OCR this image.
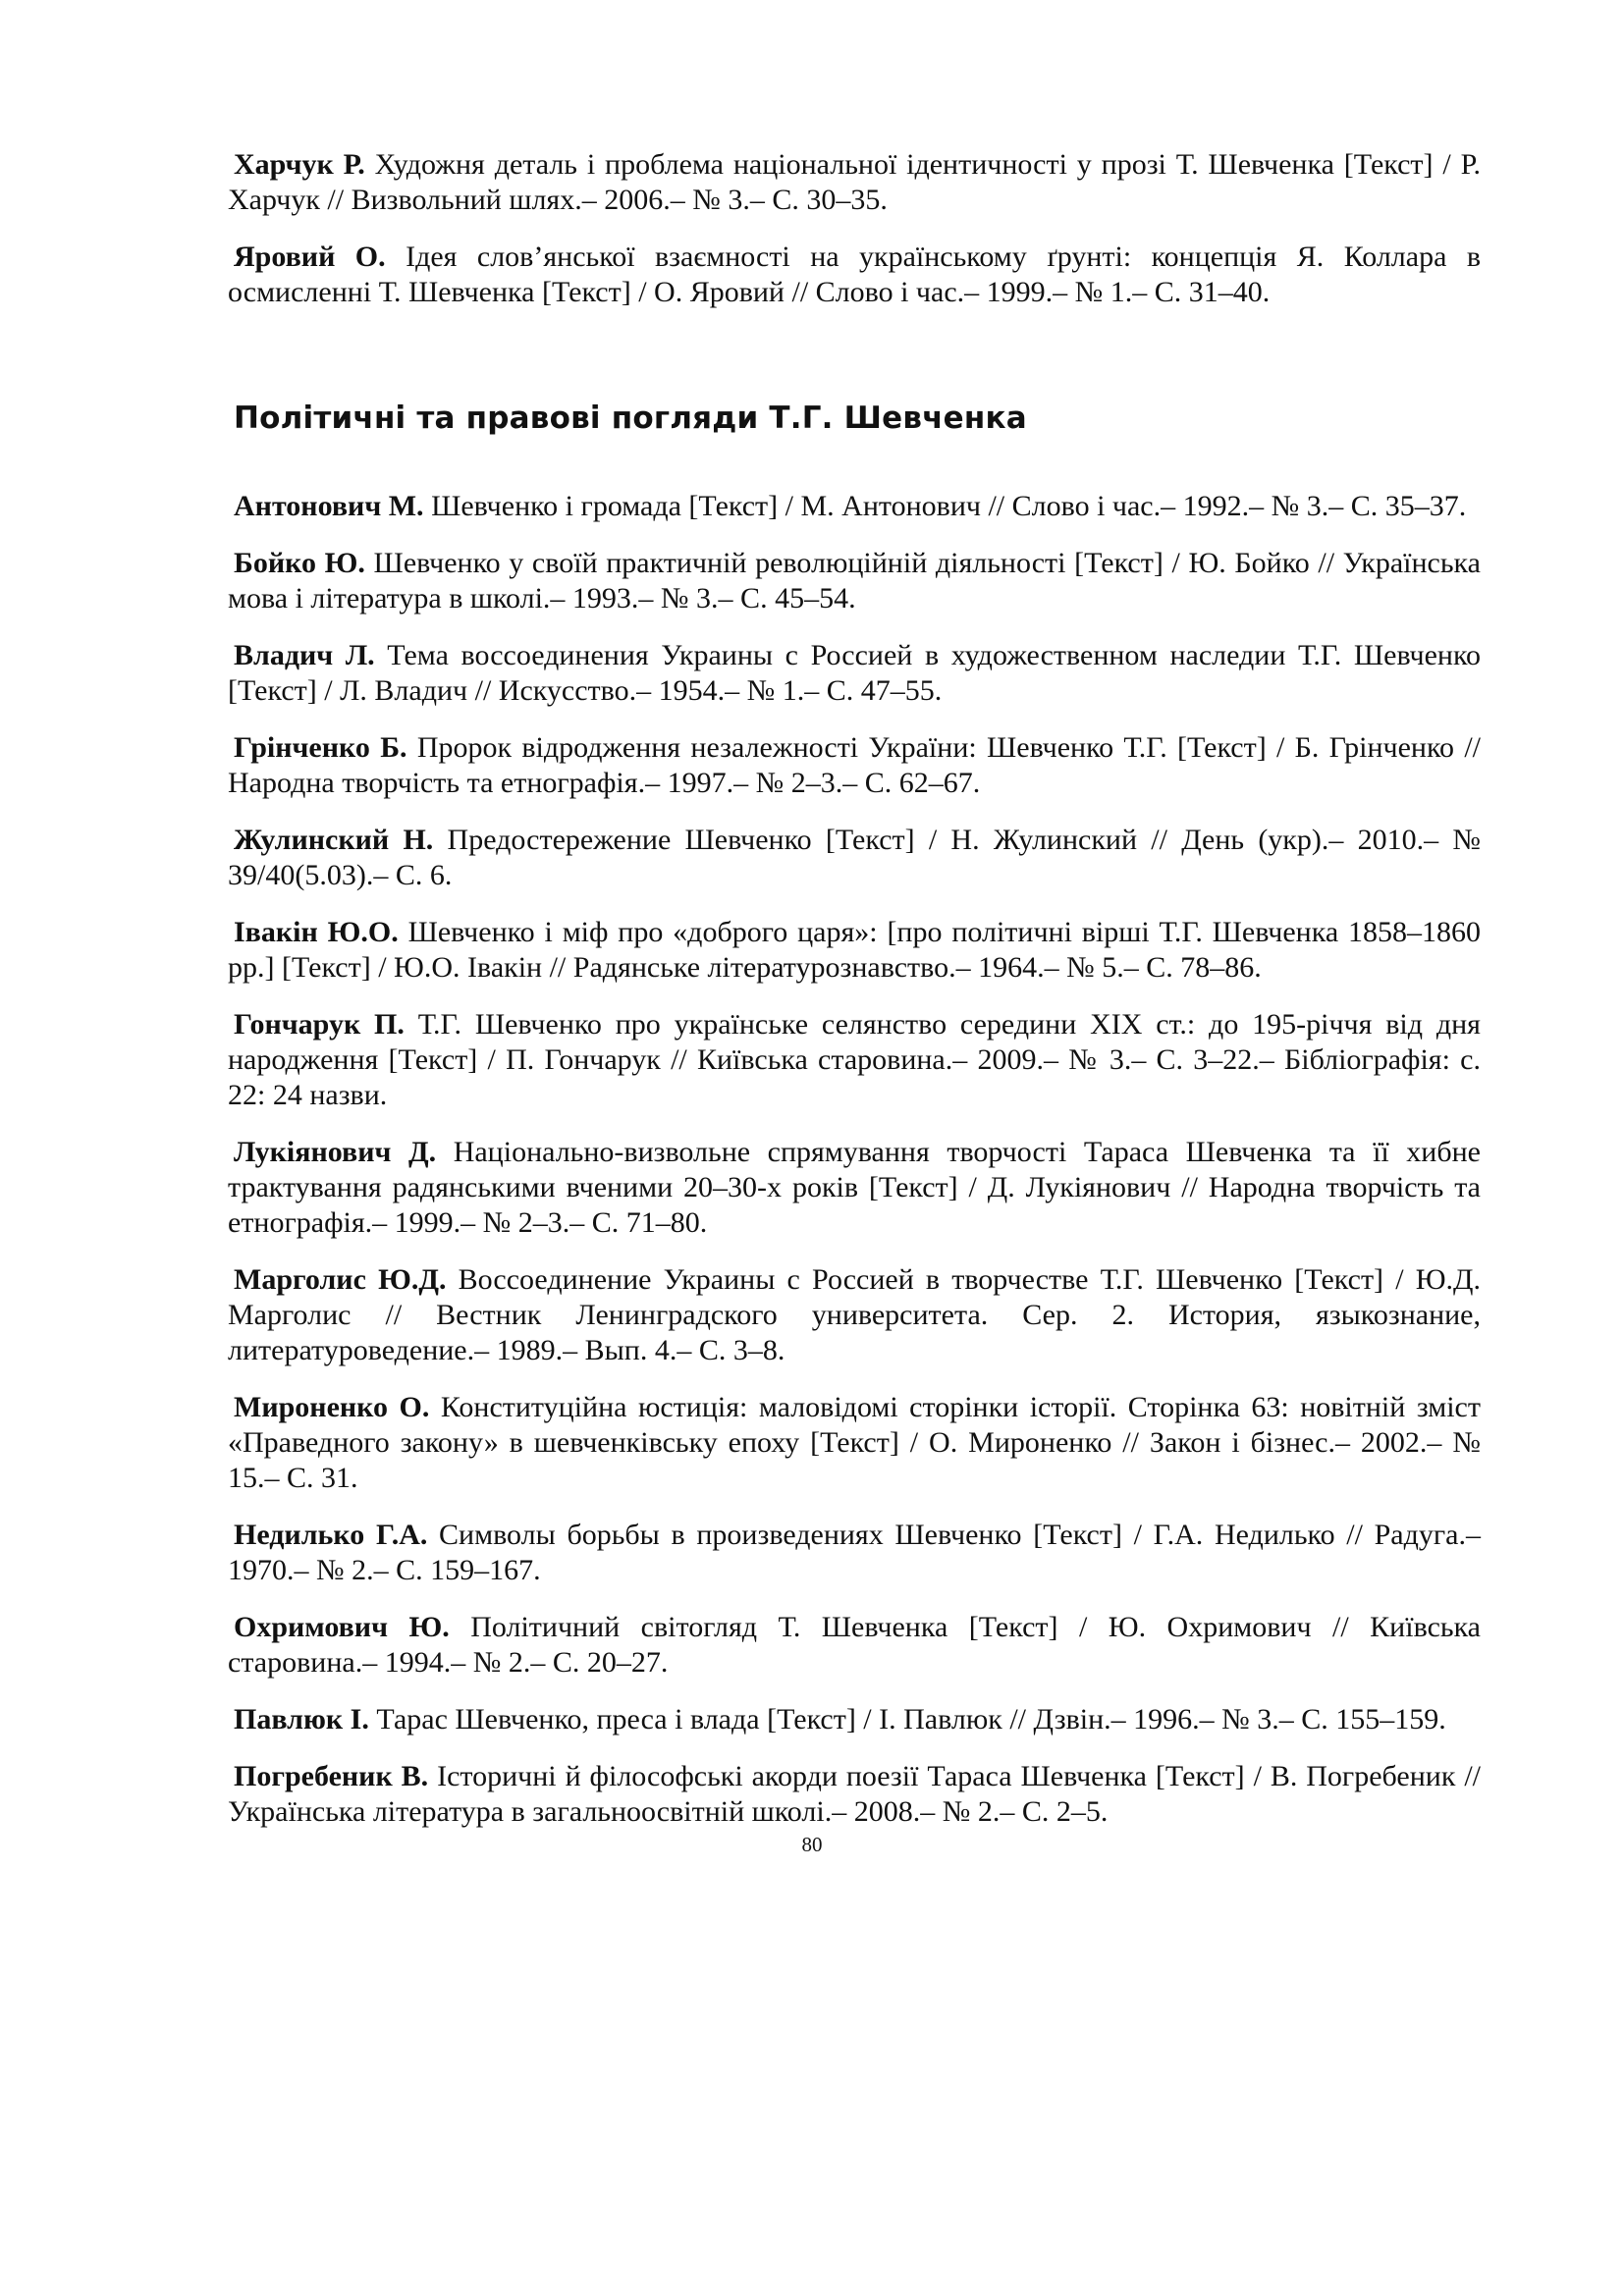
Харчук Р. Художня деталь і проблема національної ідентичності у прозі Т. Шевченка [Текст] / Р. Харчук // Визвольний шлях.– 2006.– № 3.– С. 30–35.

Яровий О. Ідея слов’янської взаємності на українському ґрунті: концепція Я. Коллара в осмисленні Т. Шевченка [Текст] / О. Яровий // Слово і час.– 1999.– № 1.– С. 31–40.

Політичні та правові погляди Т.Г. Шевченка

Антонович М. Шевченко і громада [Текст] / М. Антонович // Слово і час.– 1992.– № 3.– С. 35–37.

Бойко Ю. Шевченко у своїй практичній революційній діяльності [Текст] / Ю. Бойко // Українська мова і література в школі.– 1993.– № 3.– С. 45–54.

Владич Л. Тема воссоединения Украины с Россией в художественном наследии Т.Г. Шевченко [Текст] / Л. Владич // Искусство.– 1954.– № 1.– С. 47–55.

Грінченко Б. Пророк відродження незалежності України: Шевченко Т.Г. [Текст] / Б. Грінченко // Народна творчість та етнографія.– 1997.– № 2–3.– С. 62–67.

Жулинский Н. Предостережение Шевченко [Текст] / Н. Жулинский // День (укр).– 2010.– № 39/40(5.03).– С. 6.

Івакін Ю.О. Шевченко і міф про «доброго царя»: [про політичні вірші Т.Г. Шевченка 1858–1860 рр.] [Текст] / Ю.О. Івакін // Радянське літературознавство.– 1964.– № 5.– С. 78–86.

Гончарук П. Т.Г. Шевченко про українське селянство середини XIX ст.: до 195-річчя від дня народження [Текст] / П. Гончарук // Київська старовина.– 2009.– № 3.– С. 3–22.– Бібліографія: с. 22: 24 назви.

Лукіянович Д. Національно-визвольне спрямування творчості Тараса Шевченка та її хибне трактування радянськими вченими 20–30-х років [Текст] / Д. Лукіянович // Народна творчість та етнографія.– 1999.– № 2–3.– С. 71–80.

Марголис Ю.Д. Воссоединение Украины с Россией в творчестве Т.Г. Шевченко [Текст] / Ю.Д. Марголис // Вестник Ленинградского университета. Сер. 2. История, языкознание, литературоведение.– 1989.– Вып. 4.– С. 3–8.

Мироненко О. Конституційна юстиція: маловідомі сторінки історії. Сторінка 63: новітній зміст «Праведного закону» в шевченківську епоху [Текст] / О. Мироненко // Закон і бізнес.– 2002.– № 15.– С. 31.

Недилько Г.А. Символы борьбы в произведениях Шевченко [Текст] / Г.А. Недилько // Радуга.– 1970.– № 2.– С. 159–167.

Охримович Ю. Політичний світогляд Т. Шевченка [Текст] / Ю. Охримович // Київська старовина.– 1994.– № 2.– С. 20–27.

Павлюк І. Тарас Шевченко, преса і влада [Текст] / І. Павлюк // Дзвін.– 1996.– № 3.– С. 155–159.

Погребеник В. Історичні й філософські акорди поезії Тараса Шевченка [Текст] / В. Погребеник // Українська література в загальноосвітній школі.– 2008.– № 2.– С. 2–5.

80
